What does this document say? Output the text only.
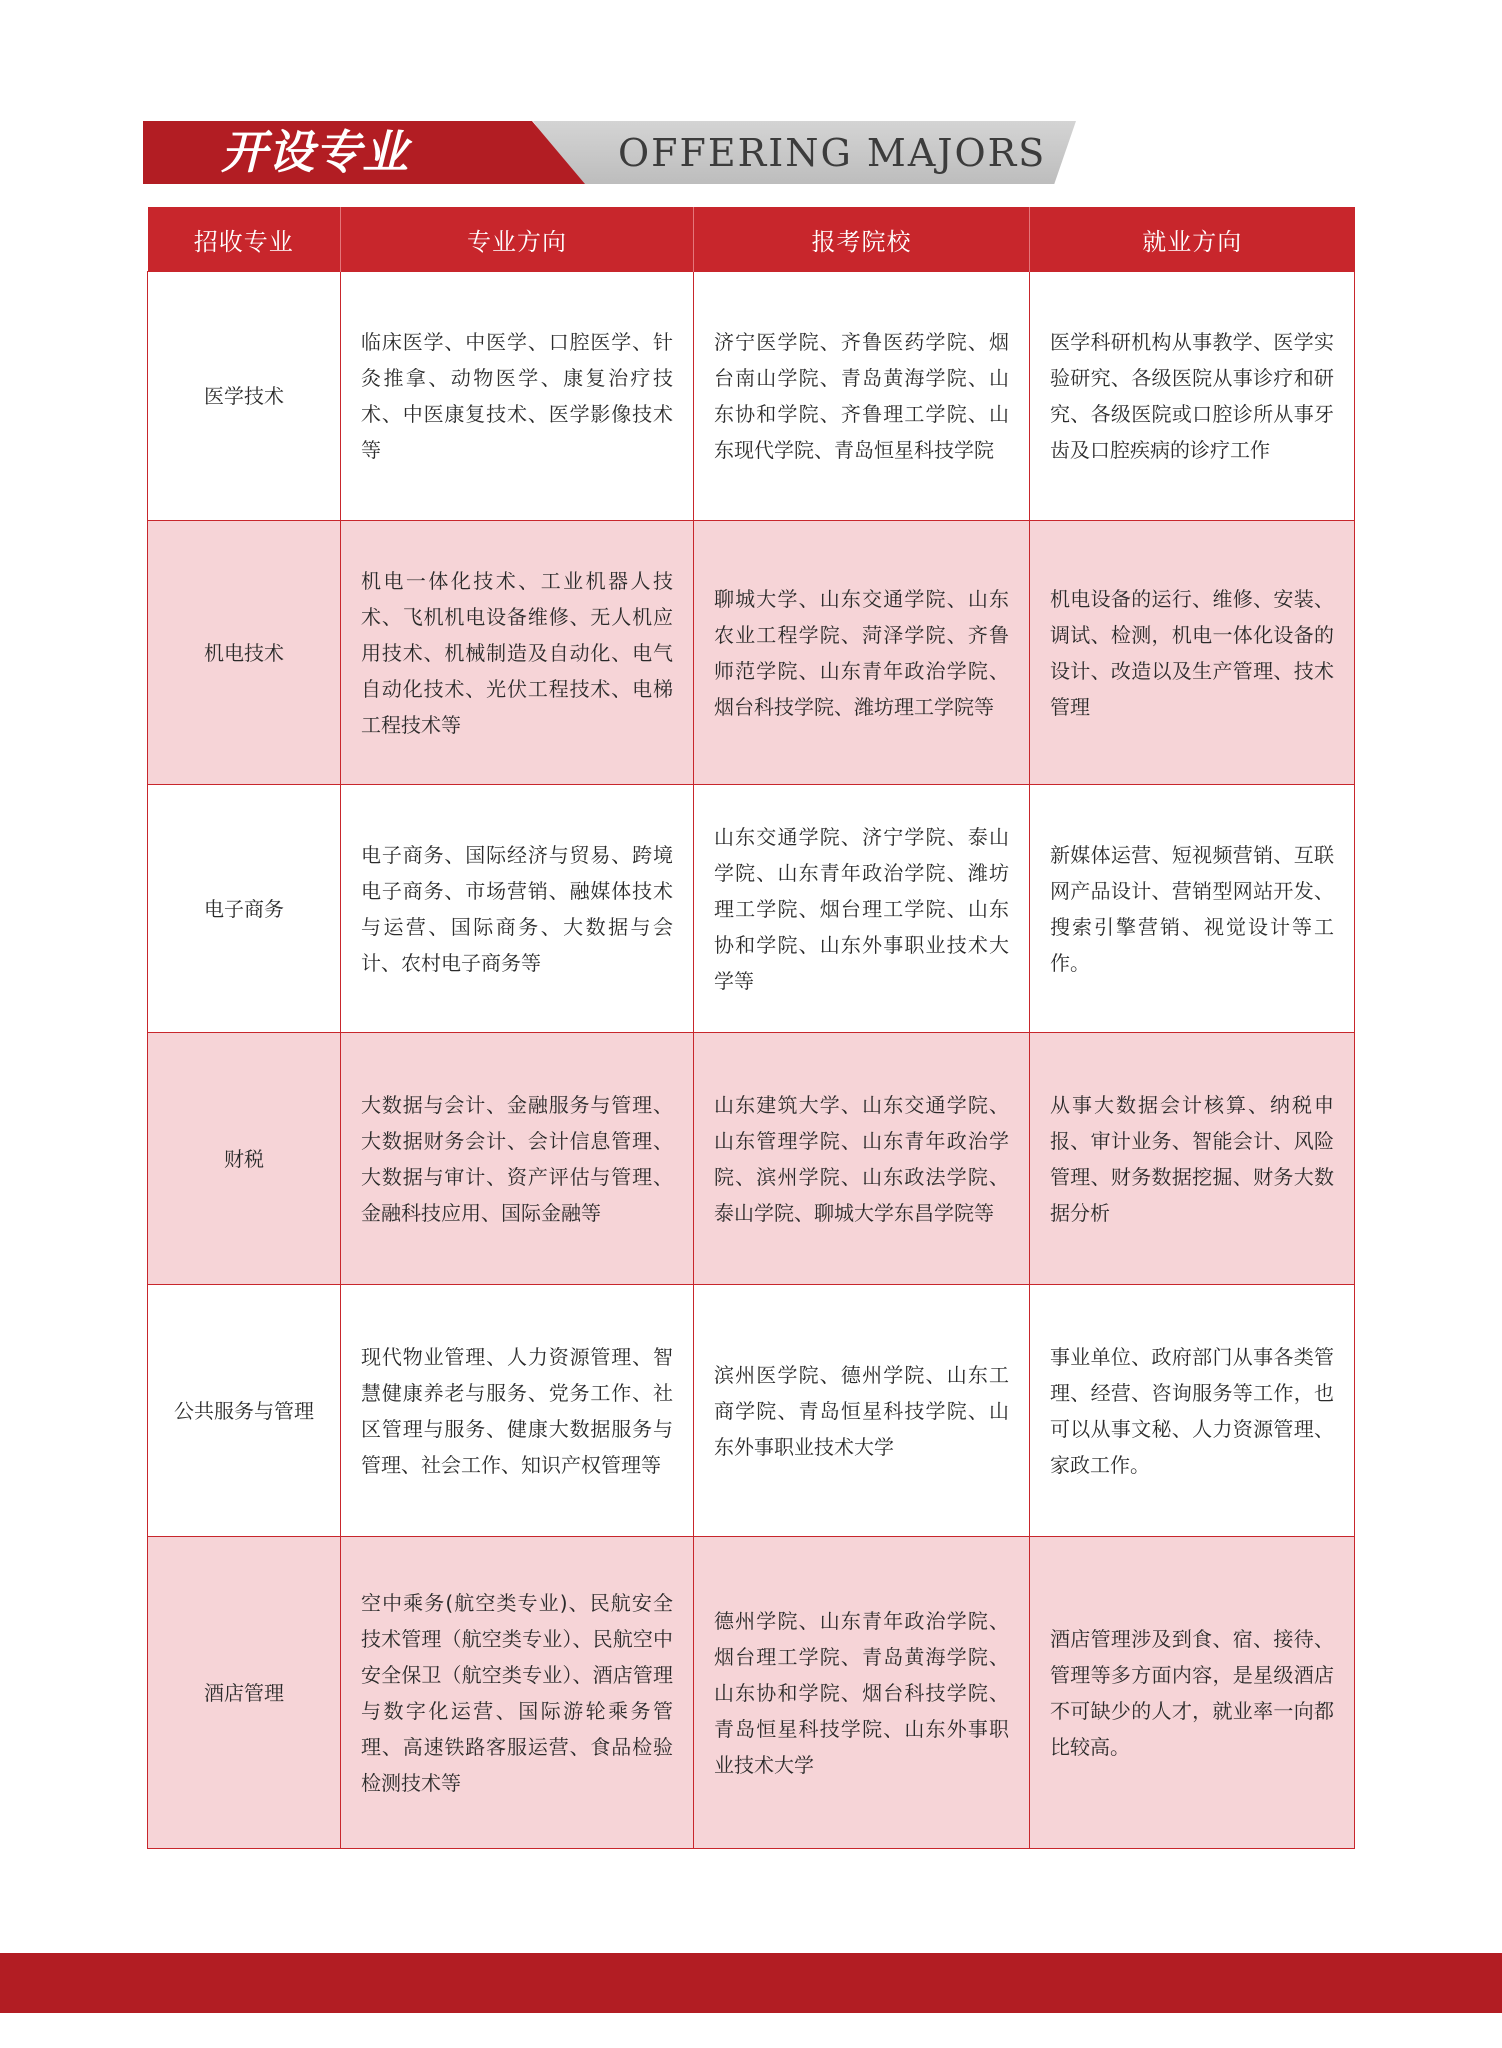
开设专业	OFFERING MAJORS
招收专业	专业方向	报考院校	就业方向
医学技术	临床医学、中医学、口腔医学、针灸推拿、动物医学、康复治疗技术、中医康复技术、医学影像技术等	济宁医学院、齐鲁医药学院、烟台南山学院、青岛黄海学院、山东协和学院、齐鲁理工学院、山东现代学院、青岛恒星科技学院	医学科研机构从事教学、医学实验研究、各级医院从事诊疗和研究、各级医院或口腔诊所从事牙齿及口腔疾病的诊疗工作
机电技术	机电一体化技术、工业机器人技术、飞机机电设备维修、无人机应用技术、机械制造及自动化、电气自动化技术、光伏工程技术、电梯工程技术等	聊城大学、山东交通学院、山东农业工程学院、菏泽学院、齐鲁师范学院、山东青年政治学院、烟台科技学院、潍坊理工学院等	机电设备的运行、维修、安装、调试、检测，机电一体化设备的设计、改造以及生产管理、技术管理
电子商务	电子商务、国际经济与贸易、跨境电子商务、市场营销、融媒体技术与运营、国际商务、大数据与会计、农村电子商务等	山东交通学院、济宁学院、泰山学院、山东青年政治学院、潍坊理工学院、烟台理工学院、山东协和学院、山东外事职业技术大学等	新媒体运营、短视频营销、互联网产品设计、营销型网站开发、搜索引擎营销、视觉设计等工作。
财税	大数据与会计、金融服务与管理、大数据财务会计、会计信息管理、大数据与审计、资产评估与管理、金融科技应用、国际金融等	山东建筑大学、山东交通学院、山东管理学院、山东青年政治学院、滨州学院、山东政法学院、泰山学院、聊城大学东昌学院等	从事大数据会计核算、纳税申报、审计业务、智能会计、风险管理、财务数据挖掘、财务大数据分析
公共服务与管理	现代物业管理、人力资源管理、智慧健康养老与服务、党务工作、社区管理与服务、健康大数据服务与管理、社会工作、知识产权管理等	滨州医学院、德州学院、山东工商学院、青岛恒星科技学院、山东外事职业技术大学	事业单位、政府部门从事各类管理、经营、咨询服务等工作，也可以从事文秘、人力资源管理、家政工作。
酒店管理	空中乘务(航空类专业)、民航安全技术管理（航空类专业）、民航空中安全保卫（航空类专业）、酒店管理与数字化运营、国际游轮乘务管理、高速铁路客服运营、食品检验检测技术等	德州学院、山东青年政治学院、烟台理工学院、青岛黄海学院、山东协和学院、烟台科技学院、青岛恒星科技学院、山东外事职业技术大学	酒店管理涉及到食、宿、接待、管理等多方面内容，是星级酒店不可缺少的人才，就业率一向都比较高。
